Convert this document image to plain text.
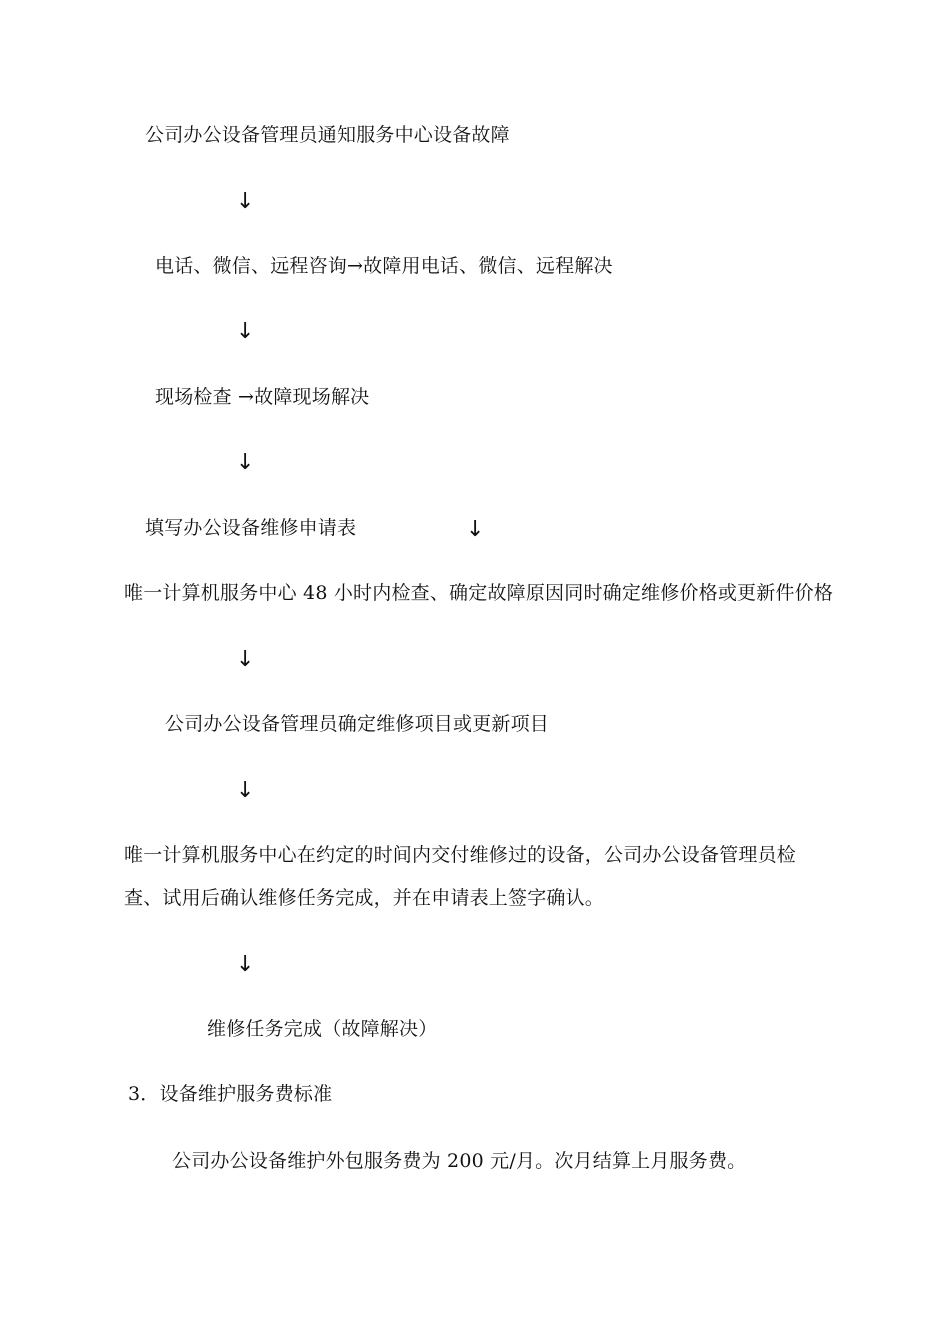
公司办公设备管理员通知服务中心设备故障
↓
电话、微信、远程咨询→故障用电话、微信、远程解决
↓
现场检查 →故障现场解决
↓
填写办公设备维修申请表	↓
唯一计算机服务中心 48 小时内检查、确定故障原因同时确定维修价格或更新件价格
↓
公司办公设备管理员确定维修项目或更新项目
↓
唯一计算机服务中心在约定的时间内交付维修过的设备，公司办公设备管理员检
查、试用后确认维修任务完成，并在申请表上签字确认。
↓
维修任务完成（故障解决）
3．设备维护服务费标准
公司办公设备维护外包服务费为 200 元/月。次月结算上月服务费。
